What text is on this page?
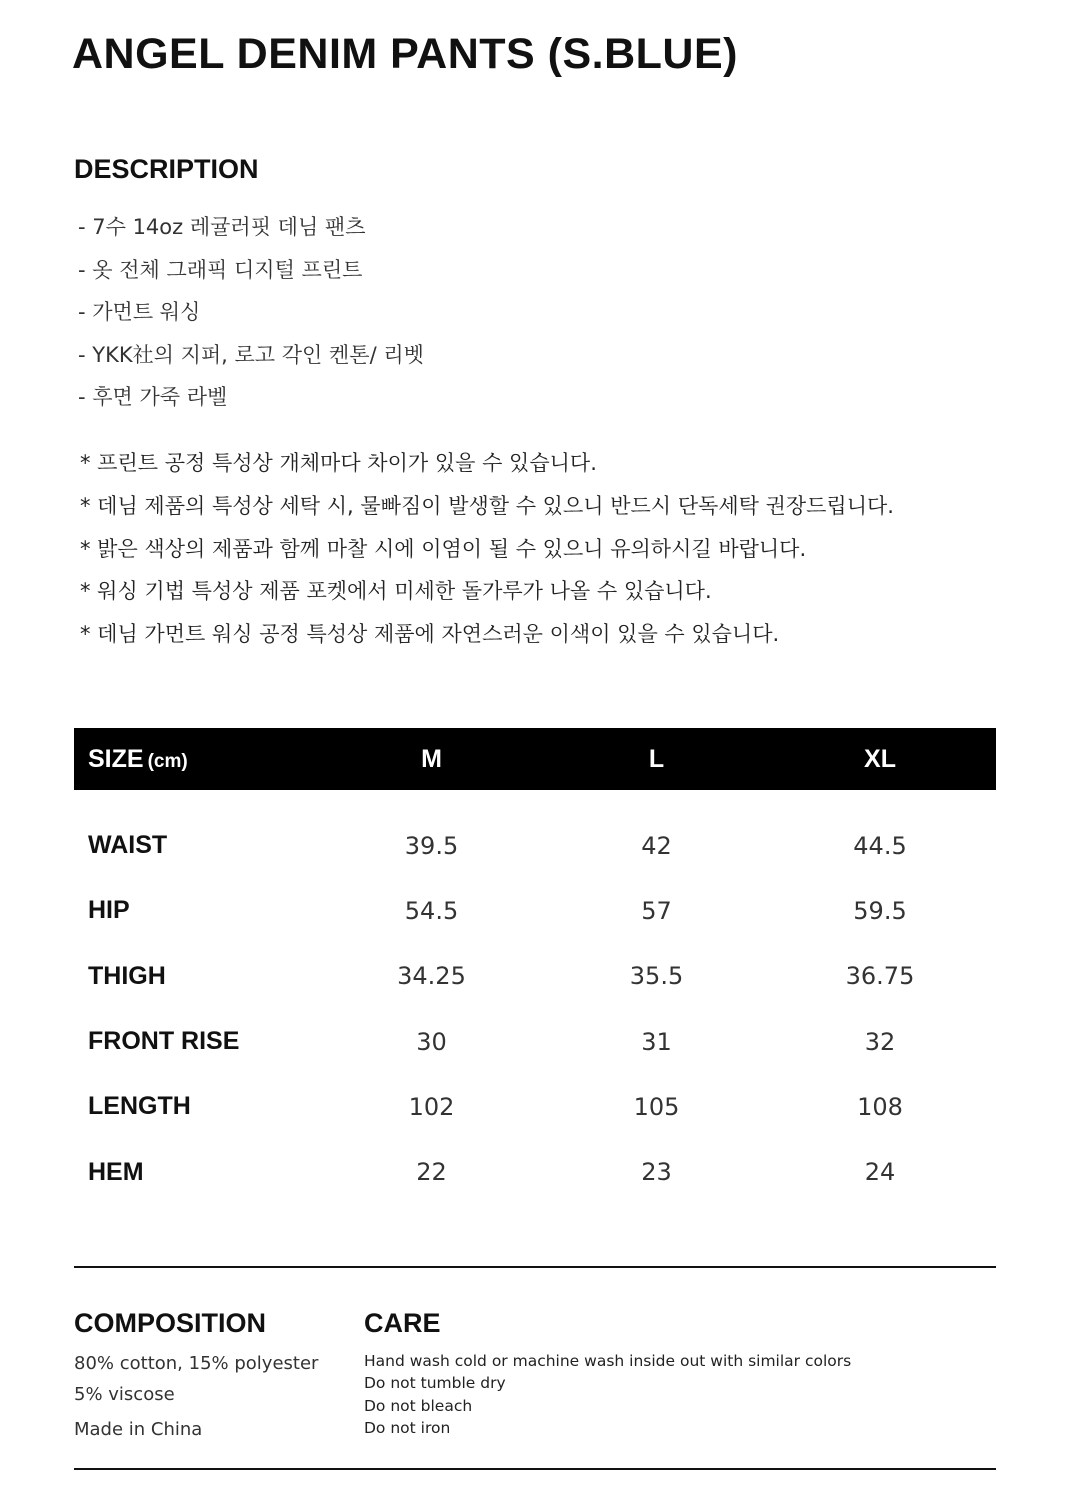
ANGEL DENIM PANTS (S.BLUE)
DESCRIPTION
- 7수 14oz 레귤러핏 데님 팬츠
- 옷 전체 그래픽 디지털 프린트
- 가먼트 워싱
- YKK社의 지퍼, 로고 각인 켄톤/ 리벳
- 후면 가죽 라벨
* 프린트 공정 특성상 개체마다 차이가 있을 수 있습니다.
* 데님 제품의 특성상 세탁 시, 물빠짐이 발생할 수 있으니 반드시 단독세탁 권장드립니다.
* 밝은 색상의 제품과 함께 마찰 시에 이염이 될 수 있으니 유의하시길 바랍니다.
* 워싱 기법 특성상 제품 포켓에서 미세한 돌가루가 나올 수 있습니다.
* 데님 가먼트 워싱 공정 특성상 제품에 자연스러운 이색이 있을 수 있습니다.
SIZE (cm)	M	L	XL

WAIST	39.5	42	44.5
HIP	54.5	57	59.5
THIGH	34.25	35.5	36.75
FRONT RISE	30	31	32
LENGTH	102	105	108
HEM	22	23	24
COMPOSITION
80% cotton, 15% polyester
5% viscose
Made in China
CARE
Hand wash cold or machine wash inside out with similar colors
Do not tumble dry
Do not bleach
Do not iron
